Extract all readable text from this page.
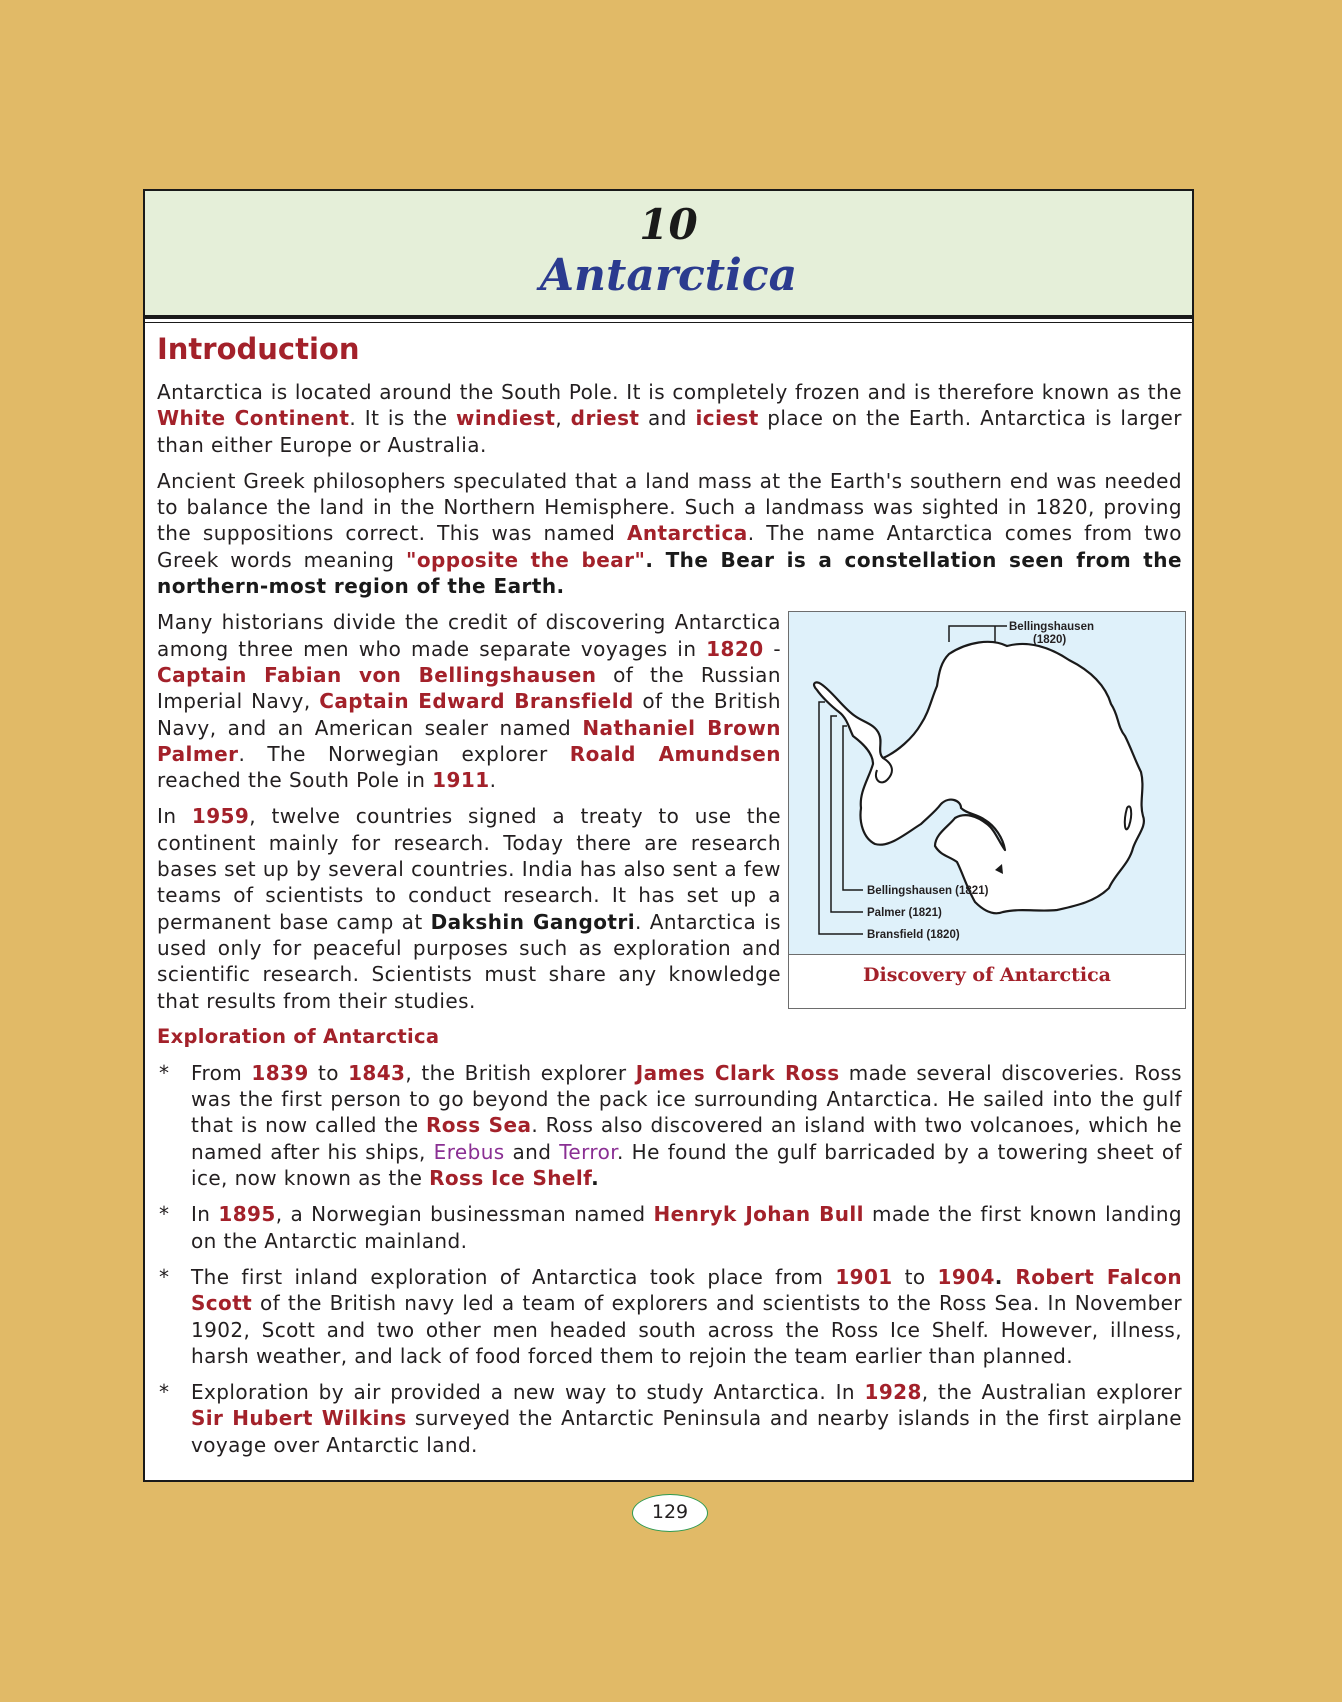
10
Antarctica
Introduction

Antarctica is located around the South Pole. It is completely frozen and is therefore known as the White Continent. It is the windiest, driest and iciest place on the Earth. Antarctica is larger than either Europe or Australia.

Ancient Greek philosophers speculated that a land mass at the Earth's southern end was needed to balance the land in the Northern Hemisphere. Such a landmass was sighted in 1820, proving the suppositions correct. This was named Antarctica. The name Antarctica comes from two Greek words meaning "opposite the bear". The Bear is a constellation seen from the northern-most region of the Earth.

Many historians divide the credit of discovering Antarctica among three men who made separate voyages in 1820 - Captain Fabian von Bellingshausen of the Russian Imperial Navy, Captain Edward Bransfield of the British Navy, and an American sealer named Nathaniel Brown Palmer. The Norwegian explorer Roald Amundsen reached the South Pole in 1911.

In 1959, twelve countries signed a treaty to use the continent mainly for research. Today there are research bases set up by several countries. India has also sent a few teams of scientists to conduct research. It has set up a permanent base camp at Dakshin Gangotri. Antarctica is used only for peaceful purposes such as exploration and scientific research. Scientists must share any knowledge that results from their studies.

Bellingshausen
(1820)
Bellingshausen (1821)
Palmer (1821)
Bransfield (1820)
Discovery of Antarctica
Exploration of Antarctica
* From 1839 to 1843, the British explorer James Clark Ross made several discoveries. Ross was the first person to go beyond the pack ice surrounding Antarctica. He sailed into the gulf that is now called the Ross Sea. Ross also discovered an island with two volcanoes, which he named after his ships, Erebus and Terror. He found the gulf barricaded by a towering sheet of ice, now known as the Ross Ice Shelf.
* In 1895, a Norwegian businessman named Henryk Johan Bull made the first known landing on the Antarctic mainland.
* The first inland exploration of Antarctica took place from 1901 to 1904. Robert Falcon Scott of the British navy led a team of explorers and scientists to the Ross Sea. In November 1902, Scott and two other men headed south across the Ross Ice Shelf. However, illness, harsh weather, and lack of food forced them to rejoin the team earlier than planned.
* Exploration by air provided a new way to study Antarctica. In 1928, the Australian explorer Sir Hubert Wilkins surveyed the Antarctic Peninsula and nearby islands in the first airplane voyage over Antarctic land.
129
